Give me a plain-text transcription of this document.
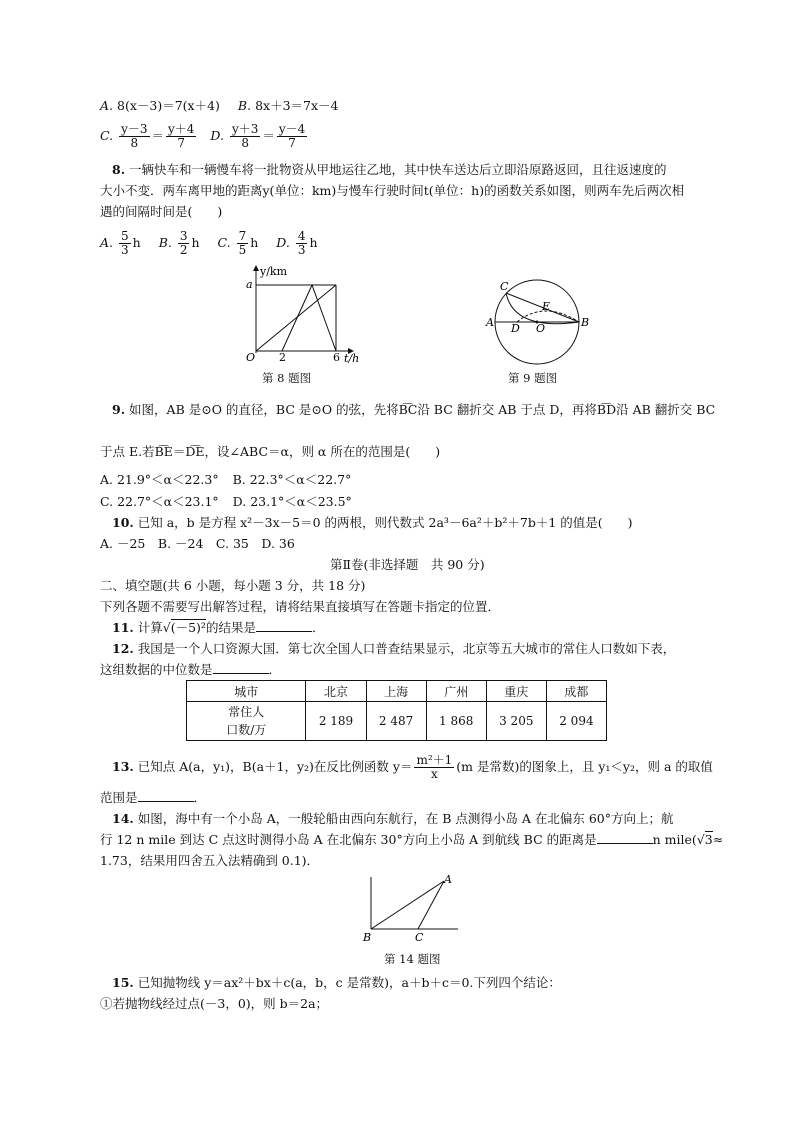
A. 8(x－3)＝7(x＋4) B. 8x＋3＝7x－4
C. $\frac{y-3}{8} = \frac{y+4}{7} D$. $\frac{y+3}{8} = \frac{y-4}{7}$
8. 一辆快车和一辆慢车将一批物资从甲地运往乙地，其中快车送达后立即沿原路返回，且往返速度的
大小不变．两车离甲地的距离y(单位：km)与慢车行驶时间t(单位：h)的函数关系如图，则两车先后两次相
遇的间隔时间是(　　)
A. $\frac{5}{3}$ h B. $\frac{3}{2}$ h C. $\frac{7}{5}$ h D. $\frac{4}{3}$ h
y/km
a
O 2	6 t/h
第 8 题图
C
A	B
E
D O
第 9 题图
9. 如图，AB 是⊙O 的直径，BC 是⊙O 的弦，先将B͡C沿 BC 翻折交 AB 于点 D，再将B͡D沿 AB 翻折交 BC
于点 E.若B͡E＝D͡E，设∠ABC＝α，则 α 所在的范围是(　　)
A. 21.9°＜α＜22.3° B. 22.3°＜α＜22.7°
C. 22.7°＜α＜23.1° D. 23.1°＜α＜23.5°
10. 已知 a，b 是方程 x²－3x－5＝0 的两根，则代数式 2a³－6a²＋b²＋7b＋1 的值是(　　)
A. －25　B. －24　C. 35　D. 36
第Ⅱ卷(非选择题　共 90 分)
二、填空题(共 6 小题，每小题 3 分，共 18 分)
下列各题不需要写出解答过程，请将结果直接填写在答题卡指定的位置．
11. 计算√(－5)²的结果是	．
12. 我国是一个人口资源大国．第七次全国人口普查结果显示，北京等五大城市的常住人口数如下表，
这组数据的中位数是	．
城市	北京	上海	广州	重庆	成都
常住人
口数/万	2 189	2 487	1 868	3 205	2 094
13. 已知点 A(a，y₁)，B(a＋1，y₂)在反比例函数 $y= \frac{\text{m²＋1}}{x} (m$ 是常数)的图象上，且 y₁＜y₂，则 a 的取值
范围是	．
14. 如图，海中有一个小岛 A，一般轮船由西向东航行，在 B 点测得小岛 A 在北偏东 60°方向上；航
行 12 n mile 到达 C 点这时测得小岛 A 在北偏东 30°方向上小岛 A 到航线 BC 的距离是	n mile(√3≈
1.73，结果用四舍五入法精确到 0.1)．
B	C
A
第 14 题图
15. 已知抛物线 y＝ax²＋bx＋c(a，b，c 是常数)，a＋b＋c＝0.下列四个结论：
①若抛物线经过点(－3，0)，则 b＝2a；
